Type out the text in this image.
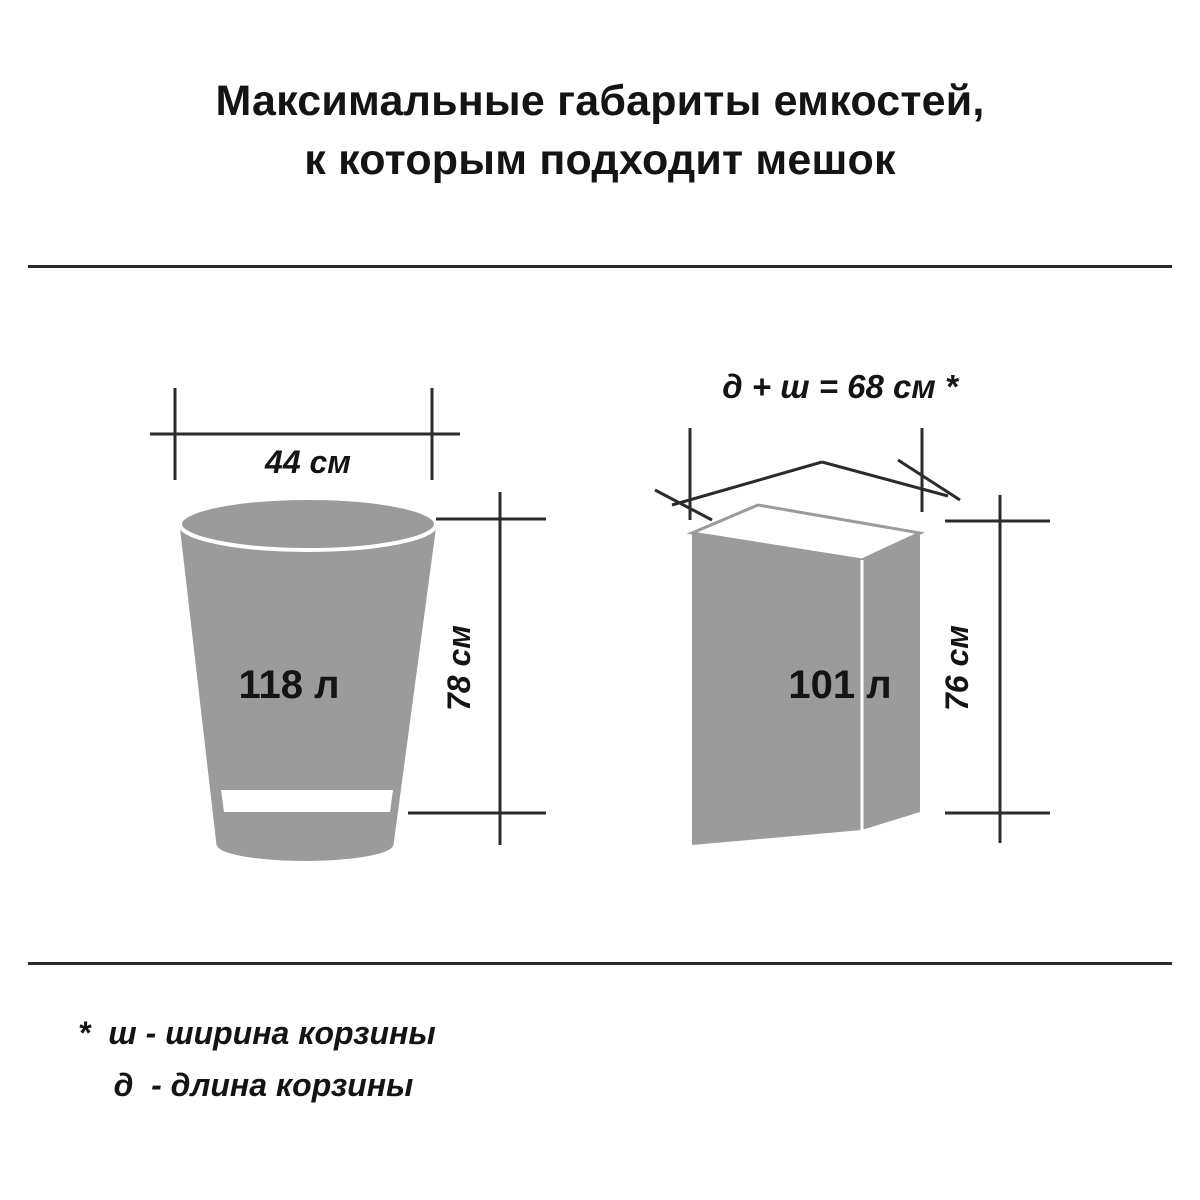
Максимальные габариты емкостей,
к которым подходит мешок
44 см
78 см
118 л
д + ш = 68 см *
76 см
101 л
*  ш - ширина корзины
д  - длина корзины
